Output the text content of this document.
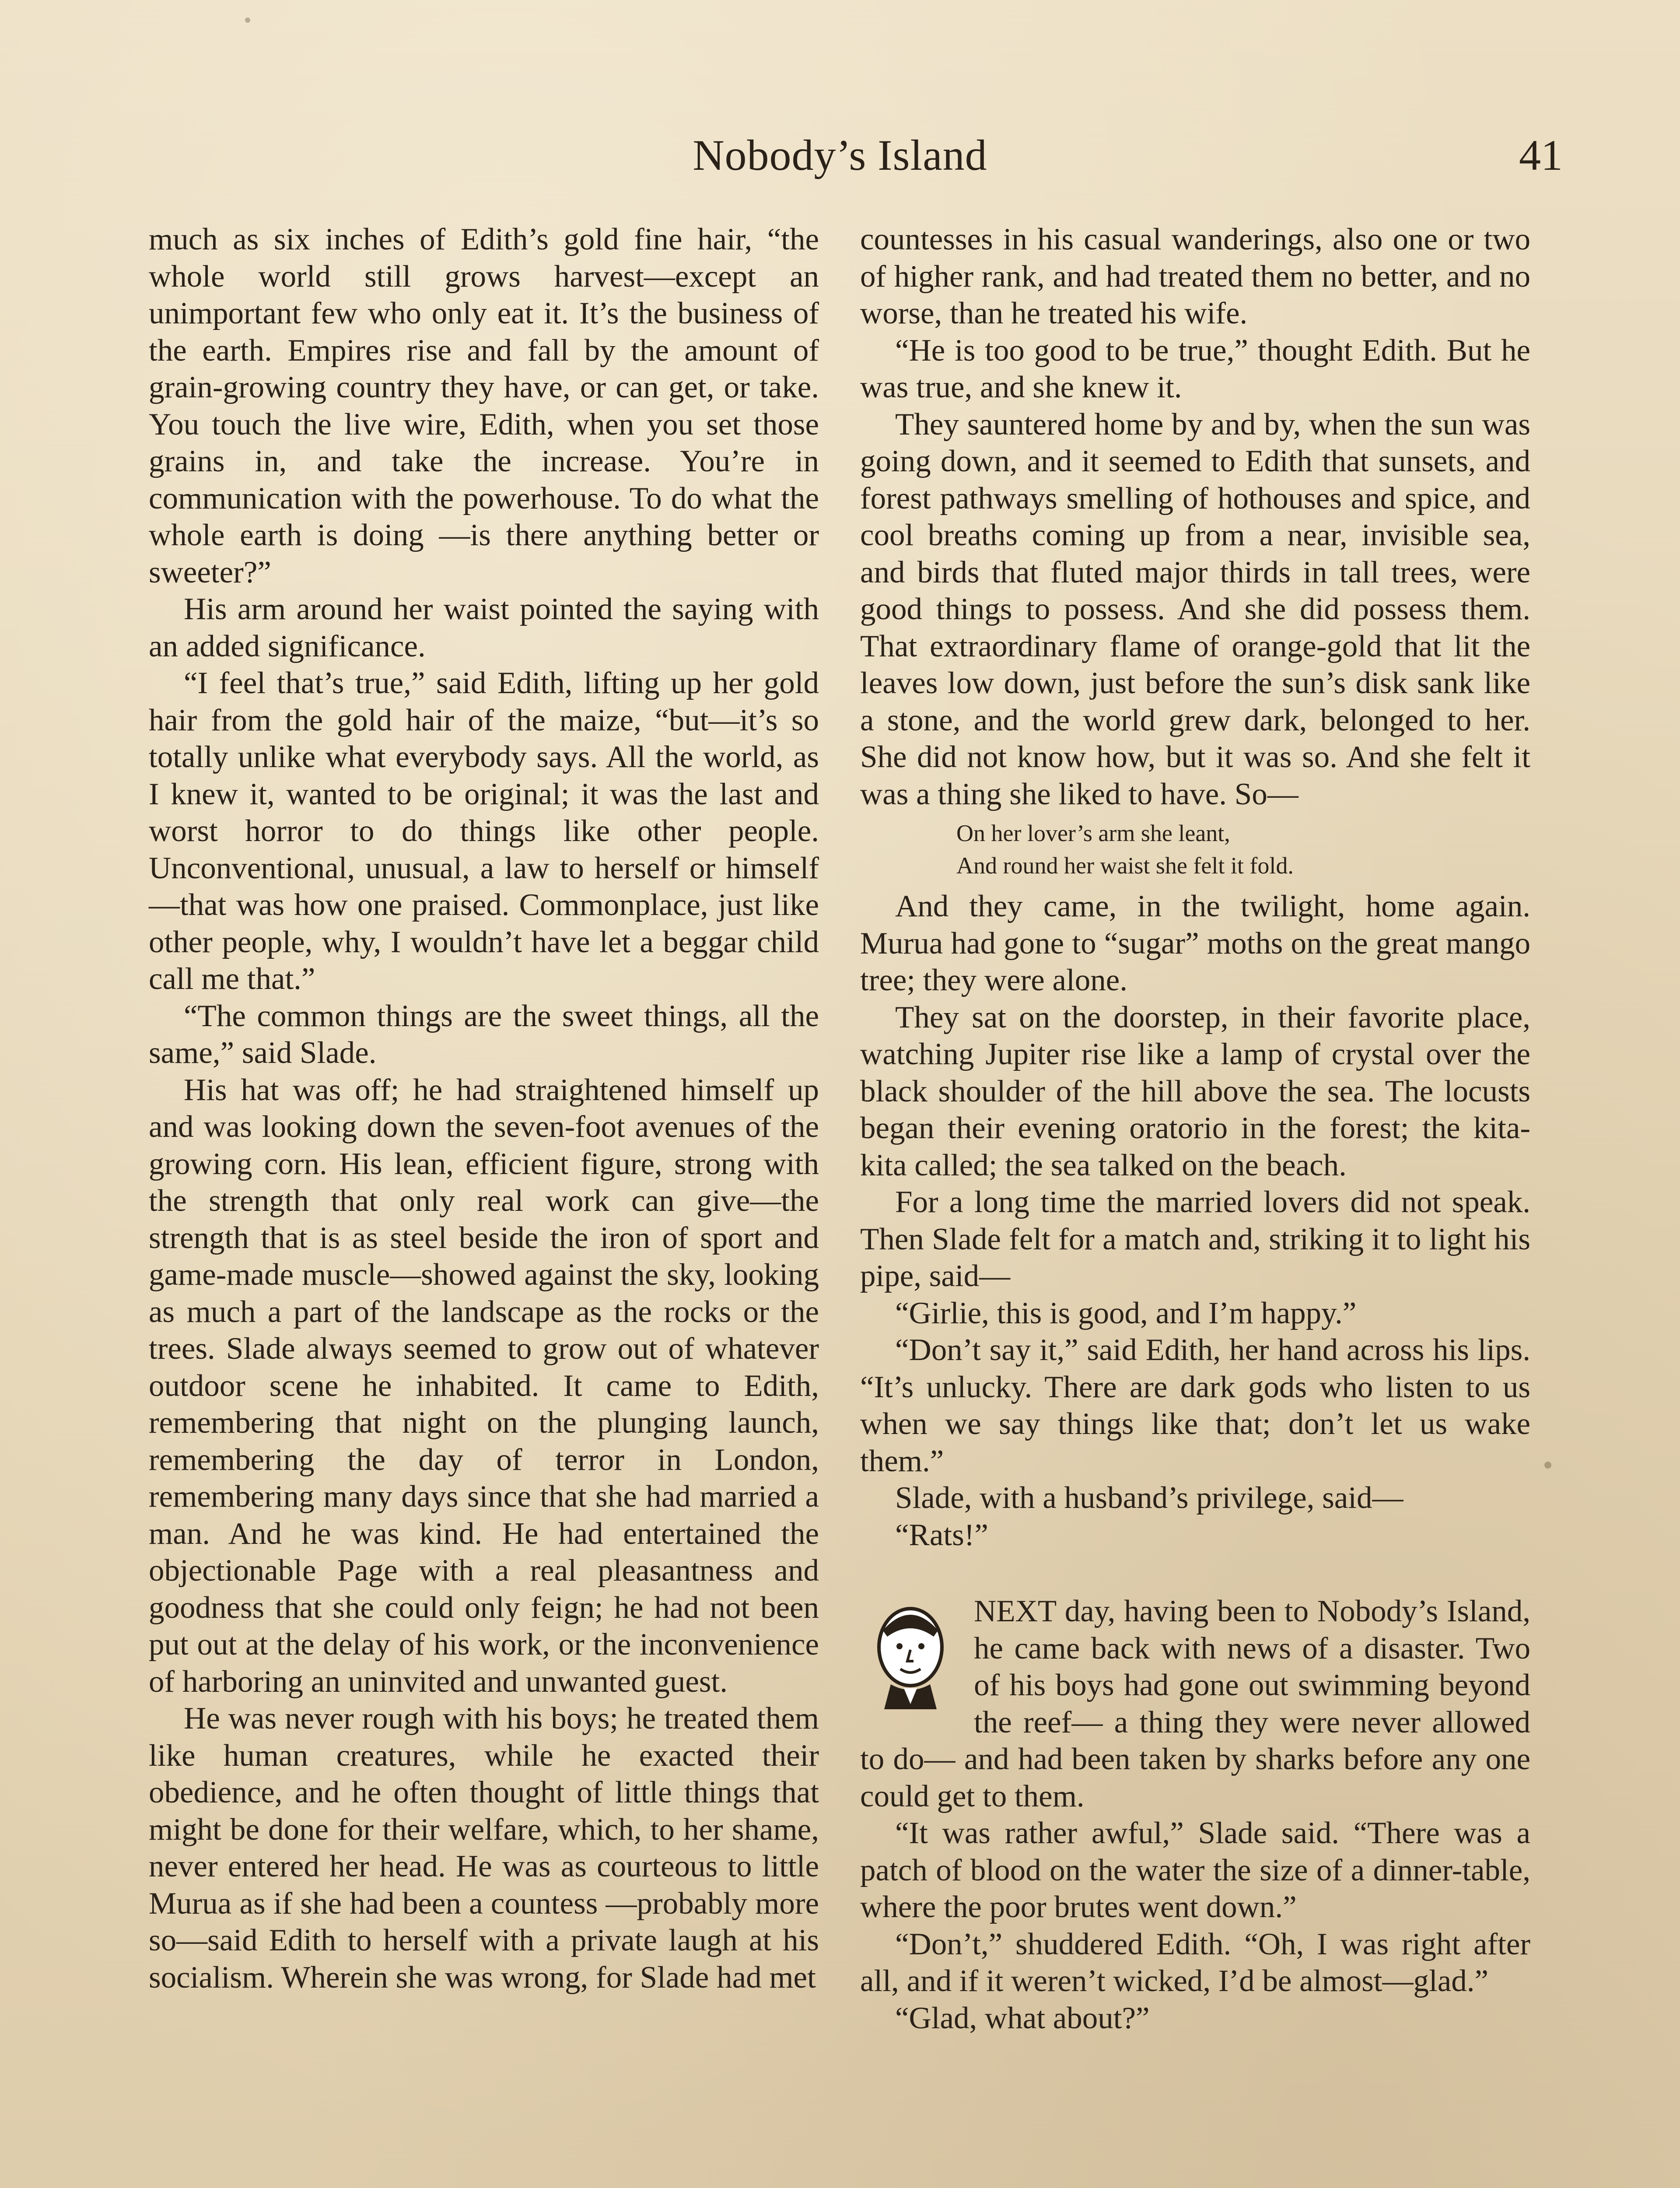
Nobody’s Island	41

much as six inches of Edith’s gold fine hair, “the whole world still grows harvest—except an unimportant few who only eat it. It’s the business of the earth. Empires rise and fall by the amount of grain-growing country they have, or can get, or take. You touch the live wire, Edith, when you set those grains in, and take the increase. You’re in communication with the powerhouse. To do what the whole earth is doing —is there anything better or sweeter?”

His arm around her waist pointed the saying with an added significance.

“I feel that’s true,” said Edith, lifting up her gold hair from the gold hair of the maize, “but—it’s so totally unlike what everybody says. All the world, as I knew it, wanted to be original; it was the last and worst horror to do things like other people. Unconventional, unusual, a law to herself or himself—that was how one praised. Commonplace, just like other people, why, I wouldn’t have let a beggar child call me that.”

“The common things are the sweet things, all the same,” said Slade.

His hat was off; he had straightened himself up and was looking down the seven-foot avenues of the growing corn. His lean, efficient figure, strong with the strength that only real work can give—the strength that is as steel beside the iron of sport and game-made muscle—showed against the sky, looking as much a part of the landscape as the rocks or the trees. Slade always seemed to grow out of whatever outdoor scene he inhabited. It came to Edith, remembering that night on the plunging launch, remembering the day of terror in London, remembering many days since that she had married a man. And he was kind. He had entertained the objectionable Page with a real pleasantness and goodness that she could only feign; he had not been put out at the delay of his work, or the inconvenience of harboring an uninvited and unwanted guest.

He was never rough with his boys; he treated them like human creatures, while he exacted their obedience, and he often thought of little things that might be done for their welfare, which, to her shame, never entered her head. He was as courteous to little Murua as if she had been a countess —probably more so—said Edith to herself with a private laugh at his socialism. Wherein she was wrong, for Slade had met

countesses in his casual wanderings, also one or two of higher rank, and had treated them no better, and no worse, than he treated his wife.

“He is too good to be true,” thought Edith. But he was true, and she knew it.

They sauntered home by and by, when the sun was going down, and it seemed to Edith that sunsets, and forest pathways smelling of hothouses and spice, and cool breaths coming up from a near, invisible sea, and birds that fluted major thirds in tall trees, were good things to possess. And she did possess them. That extraordinary flame of orange-gold that lit the leaves low down, just before the sun’s disk sank like a stone, and the world grew dark, belonged to her. She did not know how, but it was so. And she felt it was a thing she liked to have. So—

On her lover’s arm she leant,
And round her waist she felt it fold.

And they came, in the twilight, home again. Murua had gone to “sugar” moths on the great mango tree; they were alone.

They sat on the doorstep, in their favorite place, watching Jupiter rise like a lamp of crystal over the black shoulder of the hill above the sea. The locusts began their evening oratorio in the forest; the kita-kita called; the sea talked on the beach.

For a long time the married lovers did not speak. Then Slade felt for a match and, striking it to light his pipe, said—

“Girlie, this is good, and I’m happy.”

“Don’t say it,” said Edith, her hand across his lips. “It’s unlucky. There are dark gods who listen to us when we say things like that; don’t let us wake them.”

Slade, with a husband’s privilege, said—

“Rats!”

NEXT day, having been to Nobody’s Island, he came back with news of a disaster. Two of his boys had gone out swimming beyond the reef— a thing they were never allowed to do— and had been taken by sharks before any one could get to them.

“It was rather awful,” Slade said. “There was a patch of blood on the water the size of a dinner-table, where the poor brutes went down.”

“Don’t,” shuddered Edith. “Oh, I was right after all, and if it weren’t wicked, I’d be almost—glad.”

“Glad, what about?”
